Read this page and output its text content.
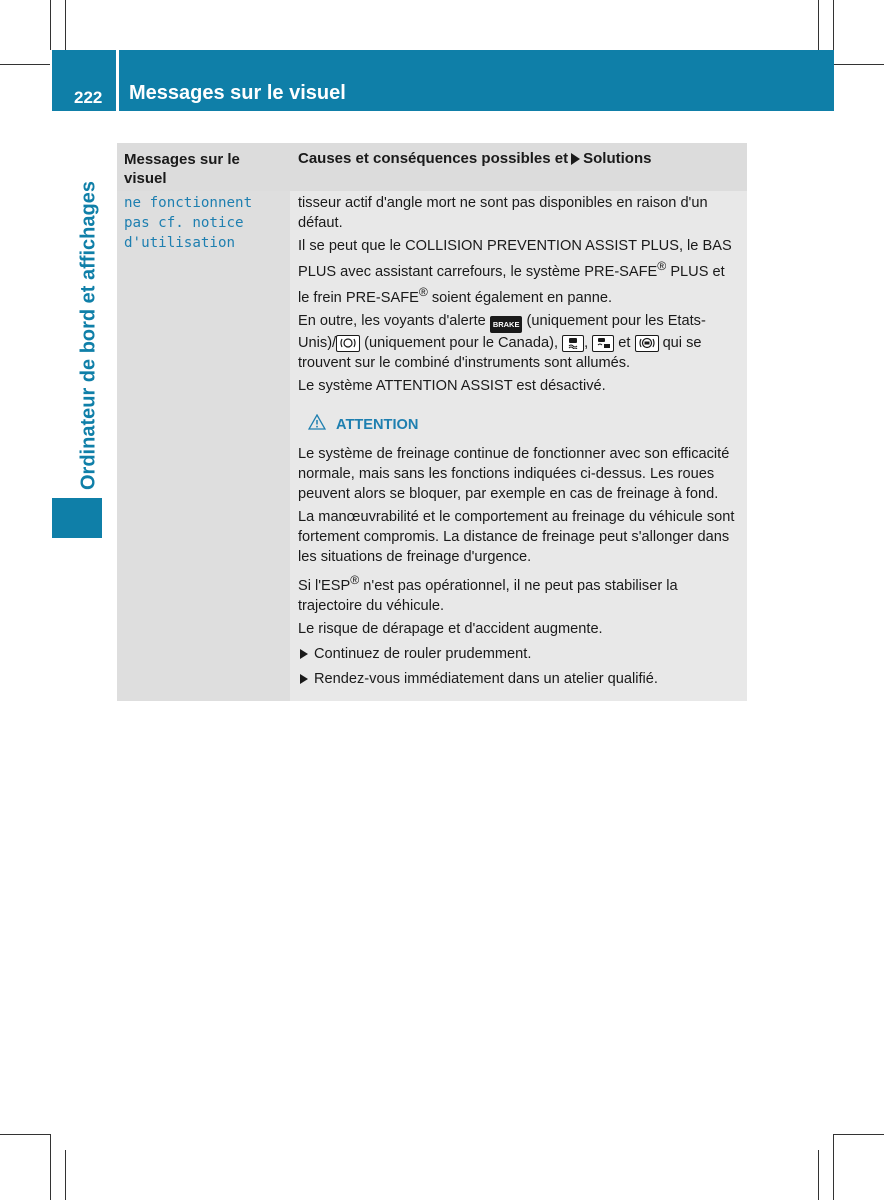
222 Messages sur le visuel
Ordinateur de bord et affichages
Messages sur le visuel
Causes et conséquences possibles et Solutions
ne fonctionnent
pas cf. notice
d'utilisation

tisseur actif d'angle mort ne sont pas disponibles en raison d'un défaut.

Il se peut que le COLLISION PREVENTION ASSIST PLUS, le BAS PLUS avec assistant carrefours, le système PRE-SAFE® PLUS et le frein PRE-SAFE® soient également en panne.

En outre, les voyants d'alerte BRAKE (uniquement pour les Etats-Unis)/
(uniquement pour le Canada),
,
et
qui se trouvent sur le combiné d'instruments sont allumés.

Le système ATTENTION ASSIST est désactivé.

ATTENTION

Le système de freinage continue de fonctionner avec son efficacité normale, mais sans les fonctions indiquées ci-dessus. Les roues peuvent alors se bloquer, par exemple en cas de freinage à fond.

La manœuvrabilité et le comportement au freinage du véhicule sont fortement compromis. La distance de freinage peut s'allonger dans les situations de freinage d'urgence.

Si l'ESP® n'est pas opérationnel, il ne peut pas stabiliser la trajectoire du véhicule.

Le risque de dérapage et d'accident augmente.

Continuez de rouler prudemment.
Rendez-vous immédiatement dans un atelier qualifié.
